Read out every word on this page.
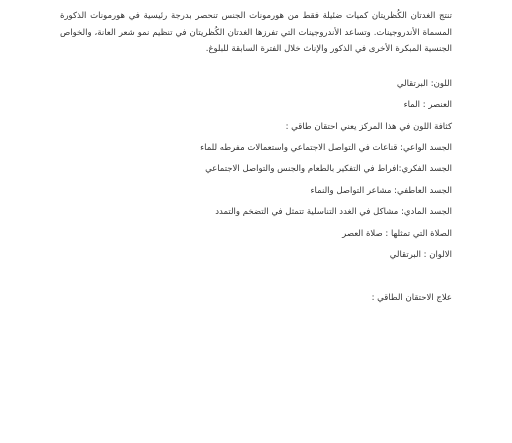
تنتج الغدتان الكُظريتان كميات ضئيلة فقط من هورمونات الجنس تنحصر بدرجة رئيسية في هورمونات الذكورة المسماة الأندروجينات. وتساعد الأندروجينات التي تفرزها الغدتان الكُظريتان في تنظيم نمو شعر العانة، والخواص الجنسية المبكرة الأخرى في الذكور والإناث خلال الفترة السابقة للبلوغ.
اللون: البرتقالي
العنصر : الماء
كثافة اللون في هذا المركز يعني احتقان طاقي :
الجسد الواعي: قناعات في التواصل الاجتماعي واستعمالات مفرطه للماء
الجسد الفكري:افراط في التفكير بالطعام والجنس والتواصل الاجتماعي
الجسد العاطفي: مشاعر التواصل والنماء
الجسد المادي: مشاكل في الغدد التناسلية تتمثل في التضخم والتمدد
الصلاة التي تمثلها : صلاة العصر
الالوان : البرتقالي
علاج الاحتقان الطاقي :
